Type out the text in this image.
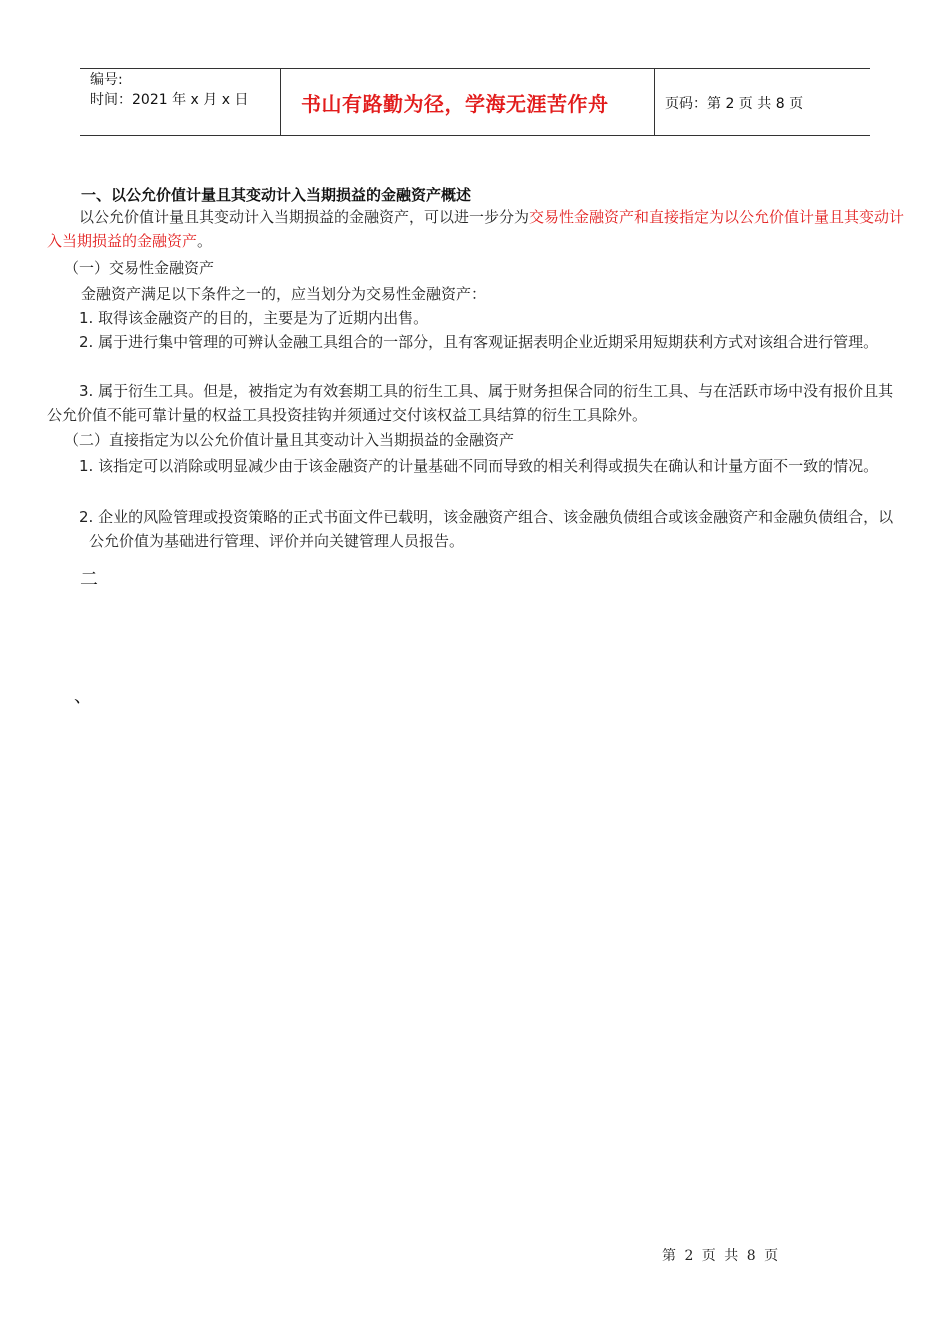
编号:
时间：2021 年 x 月 x 日	书山有路勤为径，学海无涯苦作舟	页码：第 2 页 共 8 页
一、以公允价值计量且其变动计入当期损益的金融资产概述
以公允价值计量且其变动计入当期损益的金融资产，可以进一步分为交易性金融资产和直接指定为以公允价值计量且其变动计入当期损益的金融资产。
（一）交易性金融资产
金融资产满足以下条件之一的，应当划分为交易性金融资产：
1. 取得该金融资产的目的，主要是为了近期内出售。
2. 属于进行集中管理的可辨认金融工具组合的一部分，且有客观证据表明企业近期采用短期获利方式对该组合进行管理。
3. 属于衍生工具。但是，被指定为有效套期工具的衍生工具、属于财务担保合同的衍生工具、与在活跃市场中没有报价且其公允价值不能可靠计量的权益工具投资挂钩并须通过交付该权益工具结算的衍生工具除外。
（二）直接指定为以公允价值计量且其变动计入当期损益的金融资产
1. 该指定可以消除或明显减少由于该金融资产的计量基础不同而导致的相关利得或损失在确认和计量方面不一致的情况。
2. 企业的风险管理或投资策略的正式书面文件已载明，该金融资产组合、该金融负债组合或该金融资产和金融负债组合，以公允价值为基础进行管理、评价并向关键管理人员报告。
二
、
第 2 页 共 8 页
